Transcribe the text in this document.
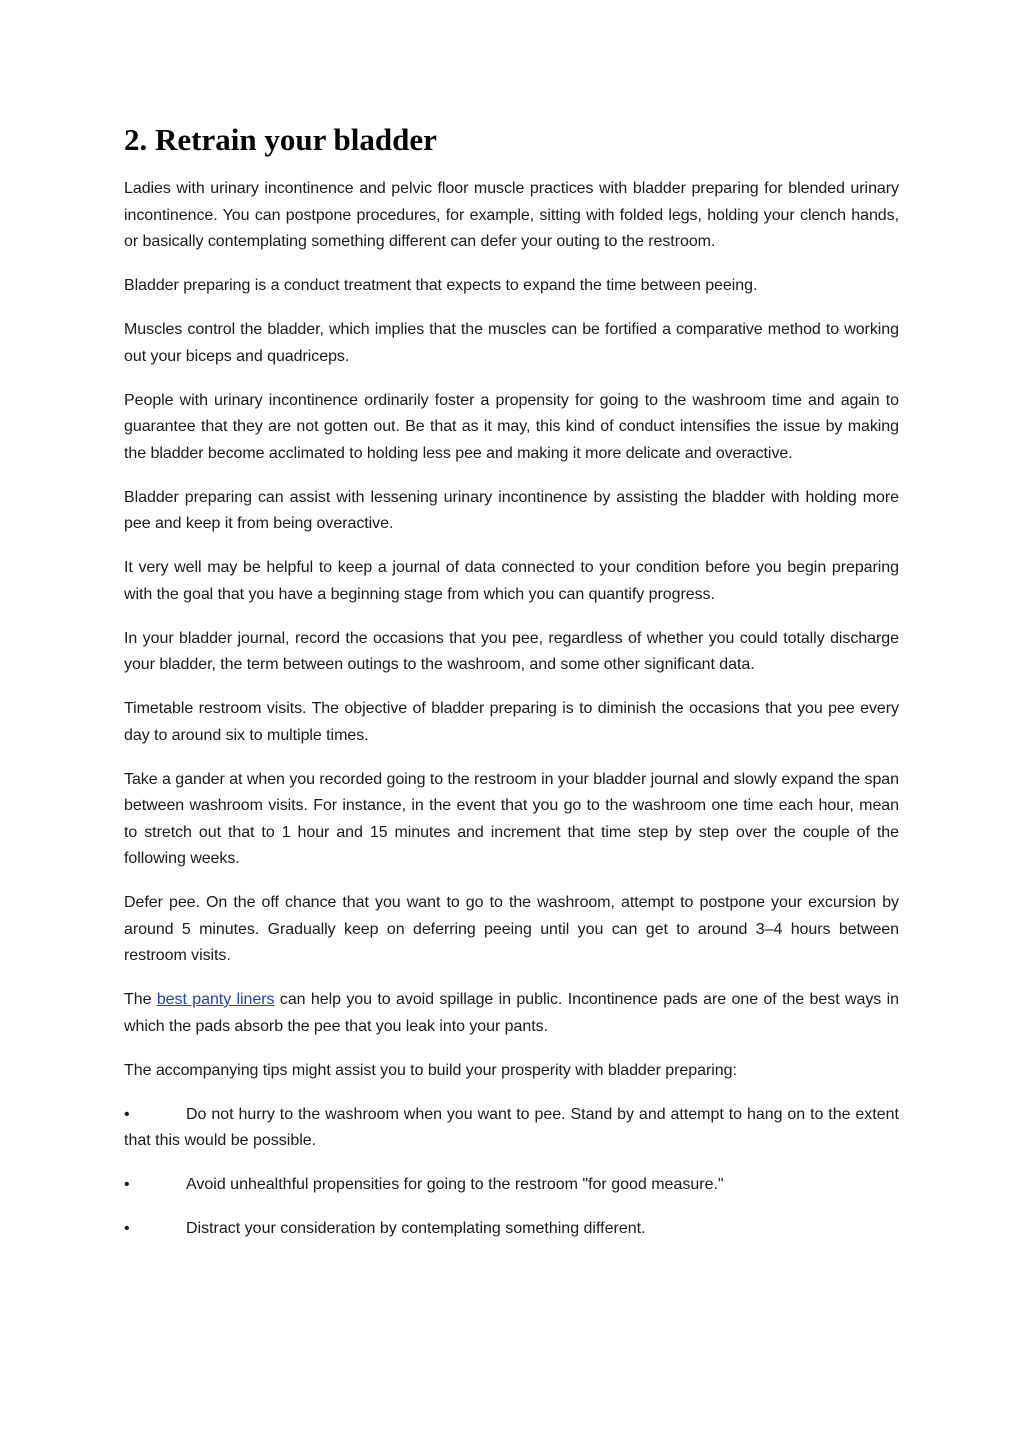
2. Retrain your bladder

Ladies with urinary incontinence and pelvic floor muscle practices with bladder preparing for blended urinary incontinence. You can postpone procedures, for example, sitting with folded legs, holding your clench hands, or basically contemplating something different can defer your outing to the restroom.

Bladder preparing is a conduct treatment that expects to expand the time between peeing.

Muscles control the bladder, which implies that the muscles can be fortified a comparative method to working out your biceps and quadriceps.

People with urinary incontinence ordinarily foster a propensity for going to the washroom time and again to guarantee that they are not gotten out. Be that as it may, this kind of conduct intensifies the issue by making the bladder become acclimated to holding less pee and making it more delicate and overactive.

Bladder preparing can assist with lessening urinary incontinence by assisting the bladder with holding more pee and keep it from being overactive.

It very well may be helpful to keep a journal of data connected to your condition before you begin preparing with the goal that you have a beginning stage from which you can quantify progress.

In your bladder journal, record the occasions that you pee, regardless of whether you could totally discharge your bladder, the term between outings to the washroom, and some other significant data.

Timetable restroom visits. The objective of bladder preparing is to diminish the occasions that you pee every day to around six to multiple times.

Take a gander at when you recorded going to the restroom in your bladder journal and slowly expand the span between washroom visits. For instance, in the event that you go to the washroom one time each hour, mean to stretch out that to 1 hour and 15 minutes and increment that time step by step over the couple of the following weeks.

Defer pee. On the off chance that you want to go to the washroom, attempt to postpone your excursion by around 5 minutes. Gradually keep on deferring peeing until you can get to around 3–4 hours between restroom visits.

The best panty liners can help you to avoid spillage in public. Incontinence pads are one of the best ways in which the pads absorb the pee that you leak into your pants.

The accompanying tips might assist you to build your prosperity with bladder preparing:

•	Do not hurry to the washroom when you want to pee. Stand by and attempt to hang on to the extent that this would be possible.

•	Avoid unhealthful propensities for going to the restroom "for good measure."

•	Distract your consideration by contemplating something different.
